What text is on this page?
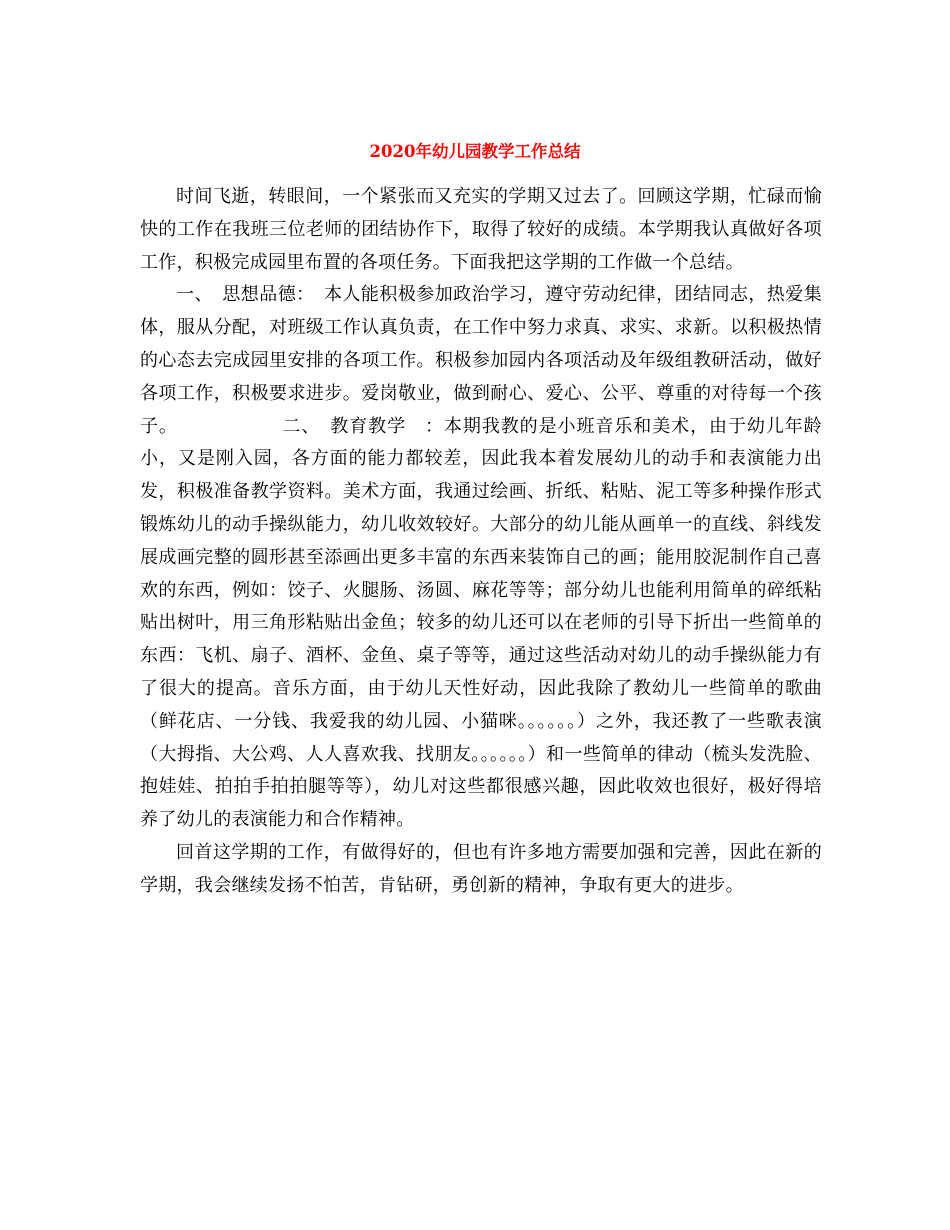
2020年幼儿园教学工作总结

时间飞逝，转眼间，一个紧张而又充实的学期又过去了。回顾这学期，忙碌而愉快的工作在我班三位老师的团结协作下，取得了较好的成绩。本学期我认真做好各项工作，积极完成园里布置的各项任务。下面我把这学期的工作做一个总结。

一、　思想品德：　本人能积极参加政治学习，遵守劳动纪律，团结同志，热爱集体，服从分配，对班级工作认真负责，在工作中努力求真、求实、求新。以积极热情的心态去完成园里安排的各项工作。积极参加园内各项活动及年级组教研活动，做好各项工作，积极要求进步。爱岗敬业，做到耐心、爱心、公平、尊重的对待每一个孩子。　　　　　　二、　教育教学　：本期我教的是小班音乐和美术，由于幼儿年龄小，又是刚入园，各方面的能力都较差，因此我本着发展幼儿的动手和表演能力出发，积极准备教学资料。美术方面，我通过绘画、折纸、粘贴、泥工等多种操作形式锻炼幼儿的动手操纵能力，幼儿收效较好。大部分的幼儿能从画单一的直线、斜线发展成画完整的圆形甚至添画出更多丰富的东西来装饰自己的画；能用胶泥制作自己喜欢的东西，例如：饺子、火腿肠、汤圆、麻花等等；部分幼儿也能利用简单的碎纸粘贴出树叶，用三角形粘贴出金鱼；较多的幼儿还可以在老师的引导下折出一些简单的东西：飞机、扇子、酒杯、金鱼、桌子等等，通过这些活动对幼儿的动手操纵能力有了很大的提高。音乐方面，由于幼儿天性好动，因此我除了教幼儿一些简单的歌曲（鲜花店、一分钱、我爱我的幼儿园、小猫咪。。。。。。）之外，我还教了一些歌表演（大拇指、大公鸡、人人喜欢我、找朋友。。。。。。）和一些简单的律动（梳头发洗脸、抱娃娃、拍拍手拍拍腿等等），幼儿对这些都很感兴趣，因此收效也很好，极好得培养了幼儿的表演能力和合作精神。

回首这学期的工作，有做得好的，但也有许多地方需要加强和完善，因此在新的学期，我会继续发扬不怕苦，肯钻研，勇创新的精神，争取有更大的进步。
